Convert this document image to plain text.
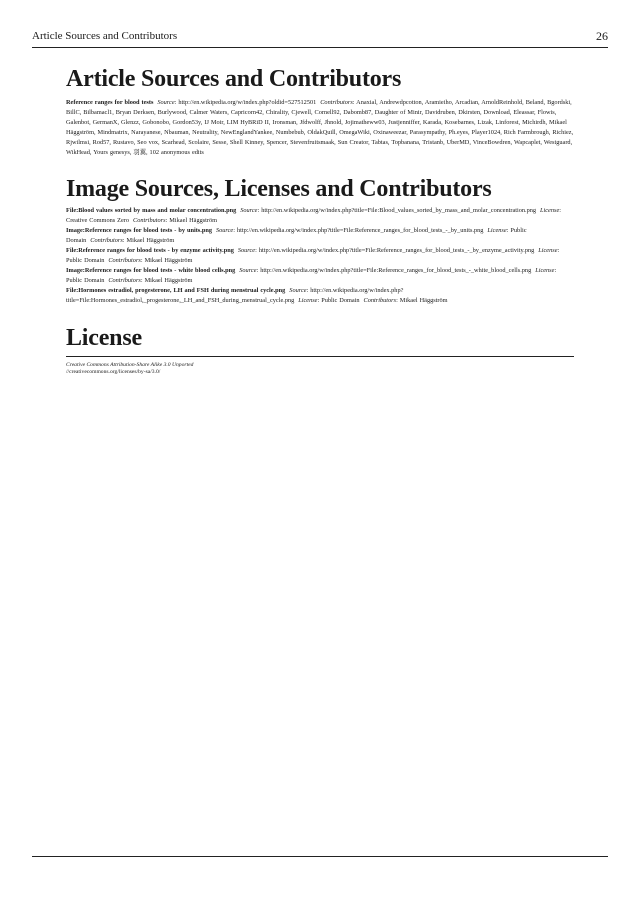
Article Sources and Contributors	26
Article Sources and Contributors
Reference ranges for blood tests Source: http://en.wikipedia.org/w/index.php?oldid=527512501 Contributors: Anaxial, Andrewdpcotton, Aramieiho, Arcadian, ArnoldReinhold, Beland, Bgordski, BillC, Bilbamacl1, Bryan Derksen, Burlywood, Calmer Waters, Capricorn42, Chirality, Cjewell, Cornell92, Dabomb87, Daughter of Minir, Davidruben, Dkirsten, Download, Eleassar, Flowis, Galenbot, GermanX, Glenzz, Gobonobo, Gordon53y, IJ Moir, LIM HyBRiD II, Ironsman, Jfdwolff, Jhnold, Jojimatheww03, Justjenniffer, Karada, Kosebarnes, Lizak, Linforest, Michirdh, Mikael Häggström, Mindmatrix, Narayanese, Nbauman, Neutrality, NewEnglandYankee, Numbebub, OldakQuill, OmegaWiki, Oxinaweezar, Parasympathy, Ph.eyes, Player1024, Rich Farmbrough, Richiez, Rjwilmsi, Rod57, Rustavo, Seo vox, Scarhead, Scolaire, Sesse, Shell Kinney, Spencer, Stevenfruitsmaak, Sun Creator, Tabtas, Topbanana, Tristanb, UberMD, VinceBowdren, Wapcaplet, Westguard, WikHead, Yours genesys, 羽翼, 102 anonymous edits
Image Sources, Licenses and Contributors
File:Blood values sorted by mass and molar concentration.png Source: http://en.wikipedia.org/w/index.php?title=File:Blood_values_sorted_by_mass_and_molar_concentration.png License: Creative Commons Zero Contributors: Mikael Häggström
Image:Reference ranges for blood tests - by units.png Source: http://en.wikipedia.org/w/index.php?title=File:Reference_ranges_for_blood_tests_-_by_units.png License: Public Domain Contributors: Mikael Häggström
File:Reference ranges for blood tests - by enzyme activity.png Source: http://en.wikipedia.org/w/index.php?title=File:Reference_ranges_for_blood_tests_-_by_enzyme_activity.png License: Public Domain Contributors: Mikael Häggström
Image:Reference ranges for blood tests - white blood cells.png Source: http://en.wikipedia.org/w/index.php?title=File:Reference_ranges_for_blood_tests_-_white_blood_cells.png License: Public Domain Contributors: Mikael Häggström
File:Hormones estradiol, progesterone, LH and FSH during menstrual cycle.png Source: http://en.wikipedia.org/w/index.php?title=File:Hormones_estradiol,_progesterone,_LH_and_FSH_during_menstrual_cycle.png License: Public Domain Contributors: Mikael Häggström
License
Creative Commons Attribution-Share Alike 3.0 Unported
//creativecommons.org/licenses/by-sa/3.0/
